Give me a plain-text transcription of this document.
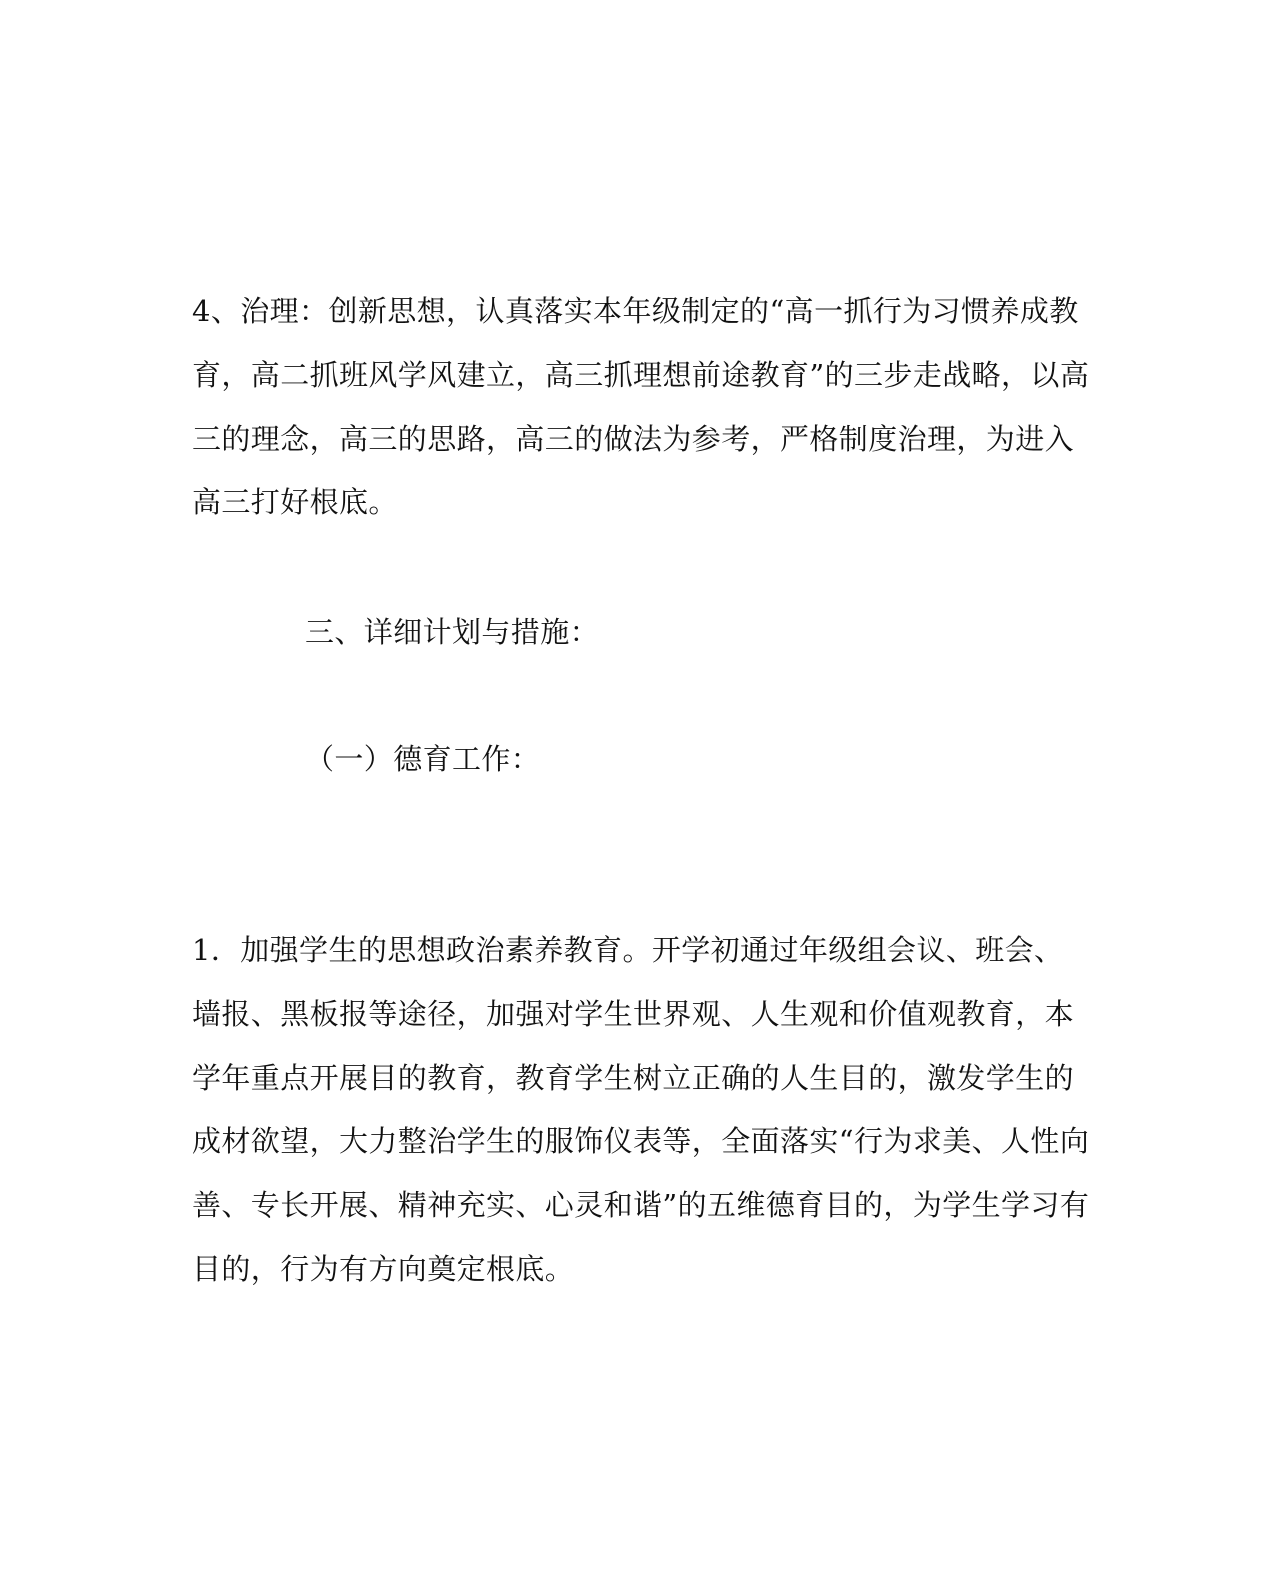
4、治理：创新思想，认真落实本年级制定的“高一抓行为习惯养成教
育，高二抓班风学风建立，高三抓理想前途教育”的三步走战略，以高
三的理念，高三的思路，高三的做法为参考，严格制度治理，为进入
高三打好根底。
三、详细计划与措施：
（一）德育工作：
1．加强学生的思想政治素养教育。开学初通过年级组会议、班会、
墙报、黑板报等途径，加强对学生世界观、人生观和价值观教育，本
学年重点开展目的教育，教育学生树立正确的人生目的，激发学生的
成材欲望，大力整治学生的服饰仪表等，全面落实“行为求美、人性向
善、专长开展、精神充实、心灵和谐”的五维德育目的，为学生学习有
目的，行为有方向奠定根底。
